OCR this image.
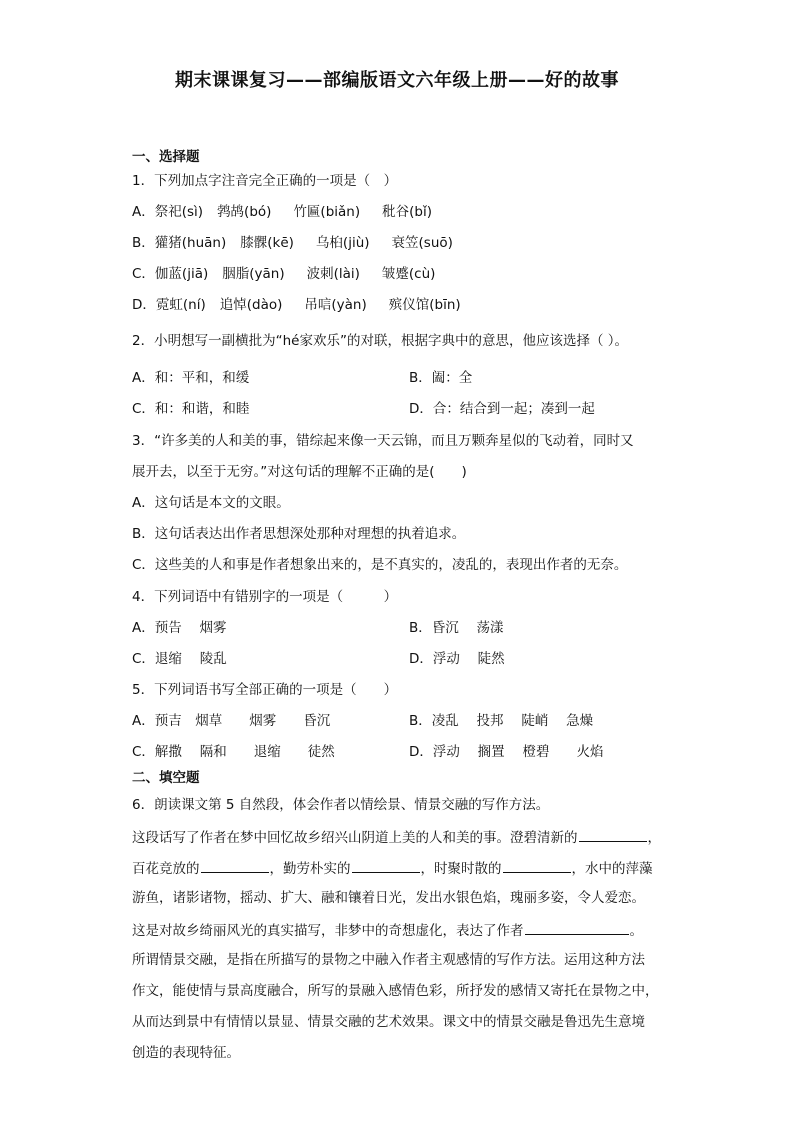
期末课课复习——部编版语文六年级上册——好的故事
一、选择题
1．下列加点字注音完全正确的一项是（　）
A．祭祀(sì) 鹁鸪(bó) 竹匾(biǎn) 秕谷(bǐ)
B．獾猪(huān) 膝髁(kē) 乌桕(jiù) 衰笠(suō)
C．伽蓝(jiā) 胭脂(yān) 波刺(lài) 皱蹙(cù)
D．霓虹(ní) 追悼(dào) 吊唁(yàn) 殡仪馆(bīn)
2．小明想写一副横批为“hé家欢乐”的对联，根据字典中的意思，他应该选择（ ）。
A．和：平和，和缓	B．阖：全
C．和：和谐，和睦	D．合：结合到一起；凑到一起
3．“许多美的人和美的事，错综起来像一天云锦，而且万颗奔星似的飞动着，同时又
展开去，以至于无穷。”对这句话的理解不正确的是(　　)
A．这句话是本文的文眼。
B．这句话表达出作者思想深处那种对理想的执着追求。
C．这些美的人和事是作者想象出来的，是不真实的，凌乱的，表现出作者的无奈。
4．下列词语中有错别字的一项是（　　　）
A．预告　 烟雾	B．昏沉　 荡漾
C．退缩　 陵乱	D．浮动　 陡然
5．下列词语书写全部正确的一项是（　　）
A．预吉　烟草　　烟雾　　昏沉	B．凌乱　 投邦　 陡峭　 急燥
C．解撒　 隔和　　退缩　　徒然	D．浮动　 搁置　 橙碧　　火焰
二、填空题
6．朗读课文第 5 自然段，体会作者以情绘景、情景交融的写作方法。
这段话写了作者在梦中回忆故乡绍兴山阴道上美的人和美的事。澄碧清新的	，
百花竞放的	，勤劳朴实的	，时聚时散的	，水中的萍藻
游鱼，诸影诸物，摇动、扩大、融和镶着日光，发出水银色焰，瑰丽多姿，令人爱恋。
这是对故乡绮丽风光的真实描写，非梦中的奇想虚化，表达了作者	。
所谓情景交融，是指在所描写的景物之中融入作者主观感情的写作方法。运用这种方法
作文，能使情与景高度融合，所写的景融入感情色彩，所抒发的感情又寄托在景物之中，
从而达到景中有情情以景显、情景交融的艺术效果。课文中的情景交融是鲁迅先生意境
创造的表现特征。
